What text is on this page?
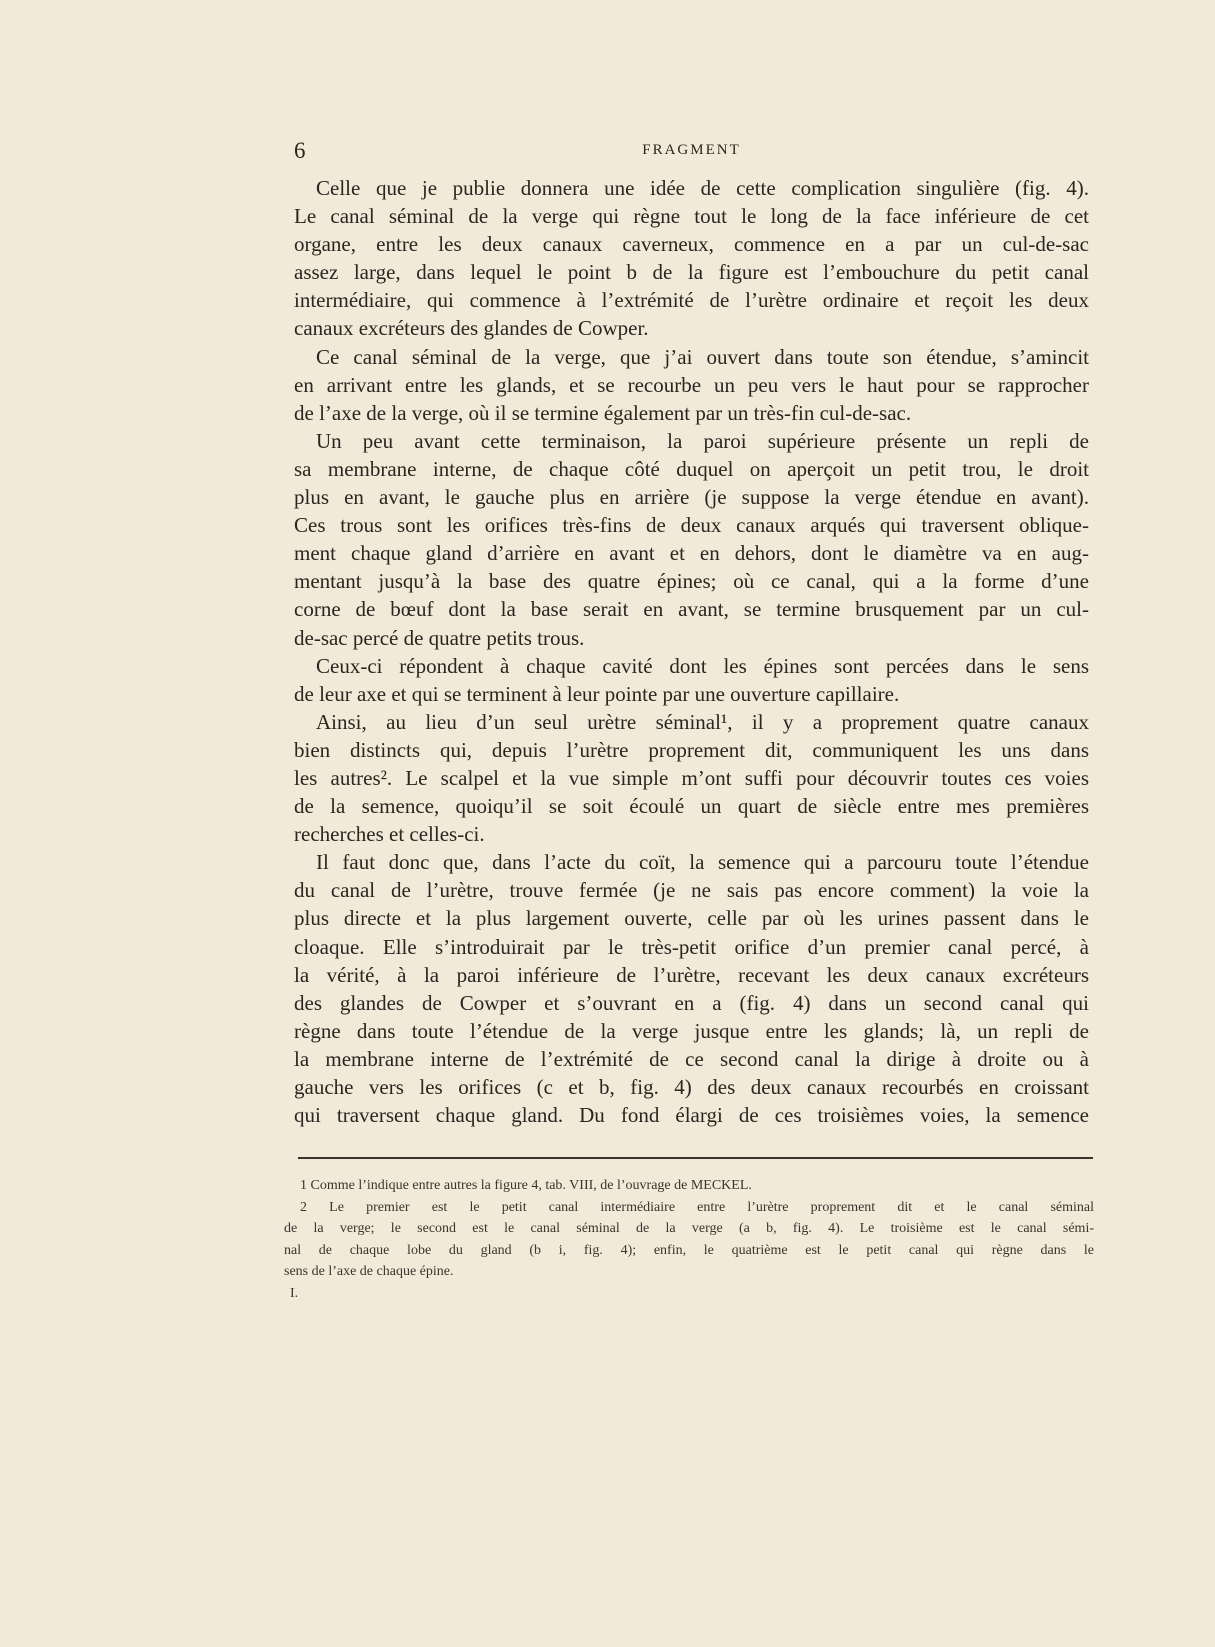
6	FRAGMENT
Celle que je publie donnera une idée de cette complication singulière (fig. 4).
Le canal séminal de la verge qui règne tout le long de la face inférieure de cet
organe, entre les deux canaux caverneux, commence en a par un cul-de-sac
assez large, dans lequel le point b de la figure est l’embouchure du petit canal
intermédiaire, qui commence à l’extrémité de l’urètre ordinaire et reçoit les deux
canaux excréteurs des glandes de Cowper.
Ce canal séminal de la verge, que j’ai ouvert dans toute son étendue, s’amincit
en arrivant entre les glands, et se recourbe un peu vers le haut pour se rapprocher
de l’axe de la verge, où il se termine également par un très-fin cul-de-sac.
Un peu avant cette terminaison, la paroi supérieure présente un repli de
sa membrane interne, de chaque côté duquel on aperçoit un petit trou, le droit
plus en avant, le gauche plus en arrière (je suppose la verge étendue en avant).
Ces trous sont les orifices très-fins de deux canaux arqués qui traversent oblique-
ment chaque gland d’arrière en avant et en dehors, dont le diamètre va en aug-
mentant jusqu’à la base des quatre épines; où ce canal, qui a la forme d’une
corne de bœuf dont la base serait en avant, se termine brusquement par un cul-
de-sac percé de quatre petits trous.
Ceux-ci répondent à chaque cavité dont les épines sont percées dans le sens
de leur axe et qui se terminent à leur pointe par une ouverture capillaire.
Ainsi, au lieu d’un seul urètre séminal¹, il y a proprement quatre canaux
bien distincts qui, depuis l’urètre proprement dit, communiquent les uns dans
les autres². Le scalpel et la vue simple m’ont suffi pour découvrir toutes ces voies
de la semence, quoiqu’il se soit écoulé un quart de siècle entre mes premières
recherches et celles-ci.
Il faut donc que, dans l’acte du coït, la semence qui a parcouru toute l’étendue
du canal de l’urètre, trouve fermée (je ne sais pas encore comment) la voie la
plus directe et la plus largement ouverte, celle par où les urines passent dans le
cloaque. Elle s’introduirait par le très-petit orifice d’un premier canal percé, à
la vérité, à la paroi inférieure de l’urètre, recevant les deux canaux excréteurs
des glandes de Cowper et s’ouvrant en a (fig. 4) dans un second canal qui
règne dans toute l’étendue de la verge jusque entre les glands; là, un repli de
la membrane interne de l’extrémité de ce second canal la dirige à droite ou à
gauche vers les orifices (c et b, fig. 4) des deux canaux recourbés en croissant
qui traversent chaque gland. Du fond élargi de ces troisièmes voies, la semence
1 Comme l’indique entre autres la figure 4, tab. VIII, de l’ouvrage de MECKEL.
2 Le premier est le petit canal intermédiaire entre l’urètre proprement dit et le canal séminal
de la verge; le second est le canal séminal de la verge (a b, fig. 4). Le troisième est le canal sémi-
nal de chaque lobe du gland (b i, fig. 4); enfin, le quatrième est le petit canal qui règne dans le
sens de l’axe de chaque épine.
I.
